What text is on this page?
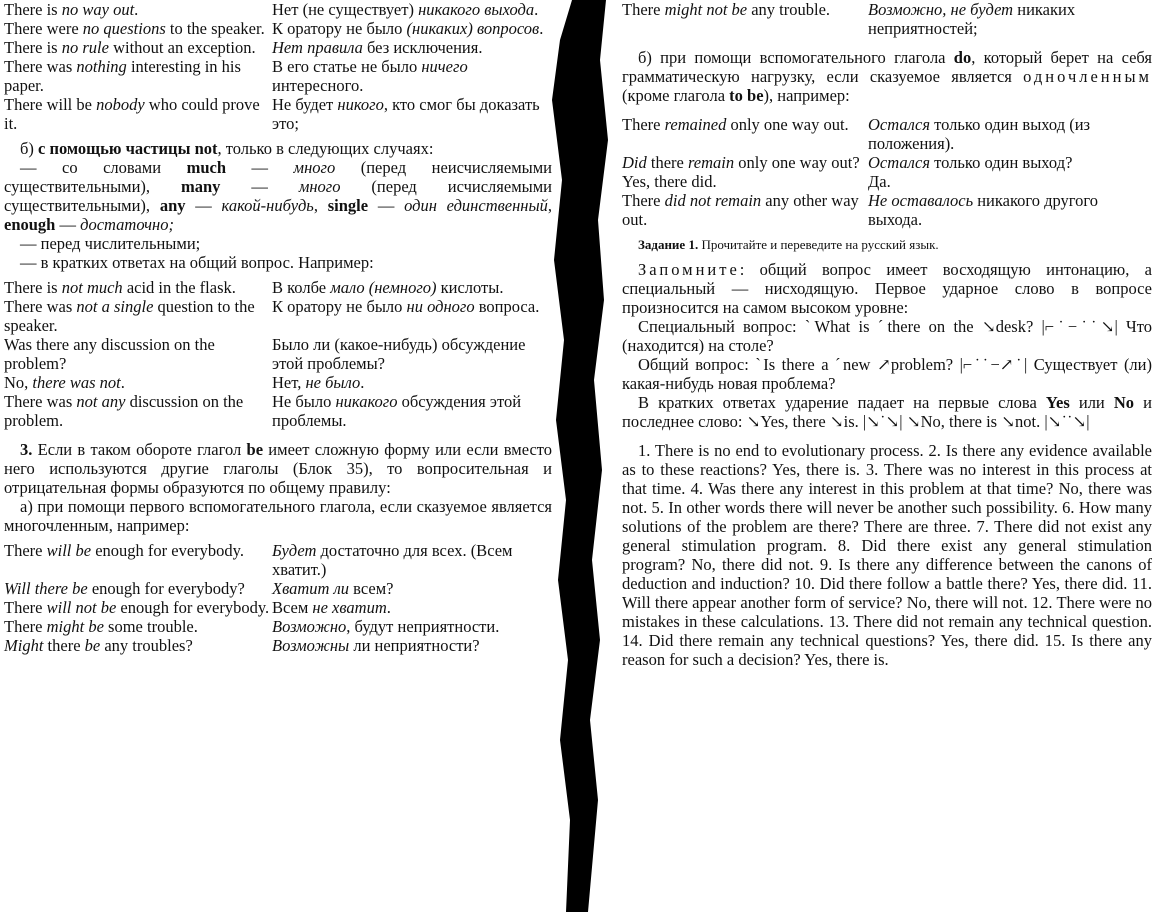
There is no way out.	Нет (не существует) никакого выхода.
There were no questions to the speaker. К оратору не было (никаких) вопросов.
There is no rule without an exception. Нет правила без исключения.
There was nothing interesting in his paper.
В его статье не было ничего интересного.
There will be nobody who could prove it.
Не будет никого, кто смог бы доказать это;
б) с помощью частицы not, только в следующих случаях:
— со словами much — много (перед неисчисляемыми существительными), many — много (перед исчисляемыми существительными), any — какой-нибудь, single — один единственный, enough — достаточно;
— перед числительными;
— в кратких ответах на общий вопрос. Например:
There is not much acid in the flask.	В колбе мало (немного) кислоты.
There was not a single question to the speaker.
К оратору не было ни одного вопроса.
Was there any discussion on the problem?
Было ли (какое-нибудь) обсуждение этой проблемы?
No, there was not.	Нет, не было.
There was not any discussion on the problem.
Не было никакого обсуждения этой проблемы.
3. Если в таком обороте глагол be имеет сложную форму или если вместо него используются другие глаголы (Блок 35), то вопросительная и отрицательная формы образуются по общему правилу:
а) при помощи первого вспомогательного глагола, если сказуемое является многочленным, например:
There will be enough for everybody.	Будет достаточно для всех. (Всем хватит.)
Will there be enough for everybody?	Хватит ли всем?
There will not be enough for everybody. Всем не хватит.
There might be some trouble.	Возможно, будут неприятности.
Might there be any troubles?	Возможны ли неприятности?
There might not be any trouble.	Возможно, не будет никаких неприятностей;
б) при помощи вспомогательного глагола do, который берет на себя грамматическую нагрузку, если сказуемое является одночленным (кроме глагола to be), например:
There remained only one way out.	Остался только один выход (из положения).
Did there remain only one way out? Остался только один выход?
Yes, there did.	Да.
There did not remain any other way out.
Не оставалось никакого другого выхода.
Задание 1. Прочитайте и переведите на русский язык.
Запомните: общий вопрос имеет восходящую интонацию, а специальный — нисходящую. Первое ударное слово в вопросе произносится на самом высоком уровне:
Специальный вопрос: ˋWhat is ˊthere on the ↘desk? |⌐˙−˙˙↘| Что (находится) на столе?
Общий вопрос: ˋIs there a ˊnew ↗problem? |⌐˙˙−↗˙| Существует (ли) какая-нибудь новая проблема?
В кратких ответах ударение падает на первые слова Yes или No и последнее слово: ↘Yes, there ↘is. |↘˙↘| ↘No, there is ↘not. |↘˙˙↘|
1. There is no end to evolutionary process. 2. Is there any evidence available as to these reactions? Yes, there is. 3. There was no interest in this process at that time. 4. Was there any interest in this problem at that time? No, there was not. 5. In other words there will never be another such possibility. 6. How many solutions of the problem are there? There are three. 7. There did not exist any general stimulation program. 8. Did there exist any general stimulation program? No, there did not. 9. Is there any difference between the canons of deduction and induction? 10. Did there follow a battle there? Yes, there did. 11. Will there appear another form of service? No, there will not. 12. There were no mistakes in these calculations. 13. There did not remain any technical question. 14. Did there remain any technical questions? Yes, there did. 15. Is there any reason for such a decision? Yes, there is.
